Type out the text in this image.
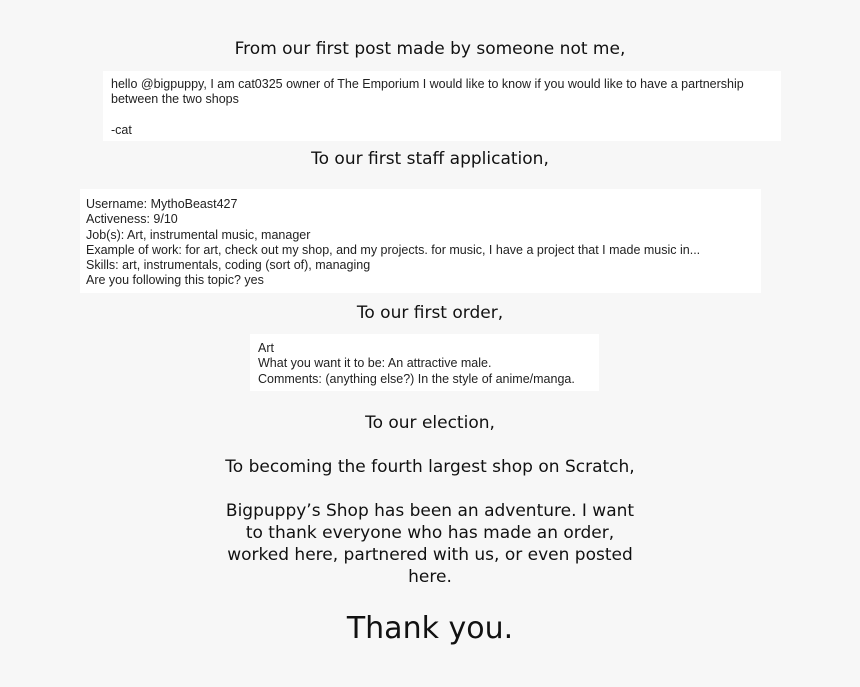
From our first post made by someone not me,
hello @bigpuppy, I am cat0325 owner of The Emporium I would like to know if you would like to have a partnership
between the two shops
-cat
To our first staff application,
Username: MythoBeast427
Activeness: 9/10
Job(s): Art, instrumental music, manager
Example of work: for art, check out my shop, and my projects. for music, I have a project that I made music in...
Skills: art, instrumentals, coding (sort of), managing
Are you following this topic? yes
To our first order,
Art
What you want it to be: An attractive male.
Comments: (anything else?) In the style of anime/manga.
To our election,
To becoming the fourth largest shop on Scratch,
Bigpuppy’s Shop has been an adventure. I want
to thank everyone who has made an order,
worked here, partnered with us, or even posted
here.
Thank you.
